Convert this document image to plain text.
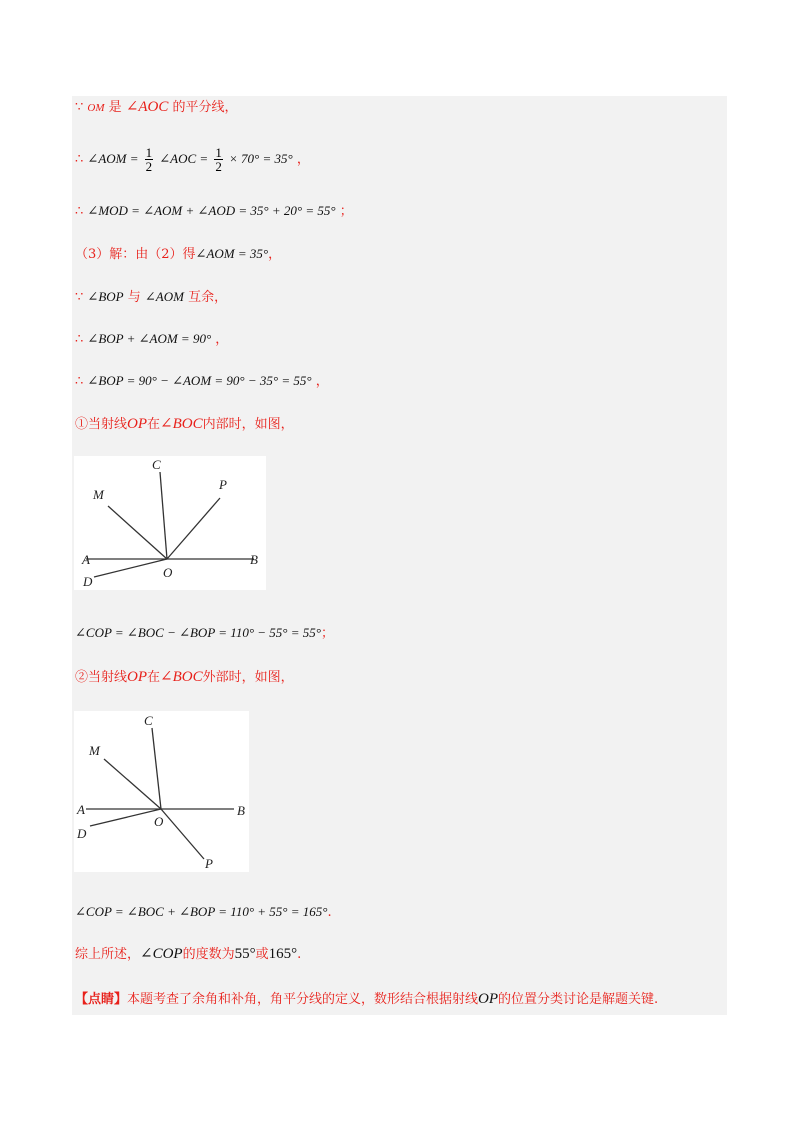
∵ OM 是 ∠AOC 的平分线，
∴ ∠AOM = $\frac{1}{2}$ ∠AOC = $\frac{1}{2} \times 70^\circ = 35^\circ$ ，
∴ ∠MOD = ∠AOM + ∠AOD = 35° + 20° = 55° ；
（3）解：由（2）得∠AOM = 35°，
∵ ∠BOP 与 ∠AOM 互余，
∴ ∠BOP + ∠AOM = 90° ，
∴ ∠BOP = 90° − ∠AOM = 90° − 35° = 55° ，
①当射线OP在∠BOC内部时，如图，
C
M
P
A
O
B
D
∠COP = ∠BOC − ∠BOP = 110° − 55° = 55°；
②当射线OP在∠BOC外部时，如图，
C
M
A
O
B
D
P
∠COP = ∠BOC + ∠BOP = 110° + 55° = 165°.
综上所述，∠COP的度数为55°或165°.
【点睛】本题考查了余角和补角，角平分线的定义，数形结合根据射线OP的位置分类讨论是解题关键.
